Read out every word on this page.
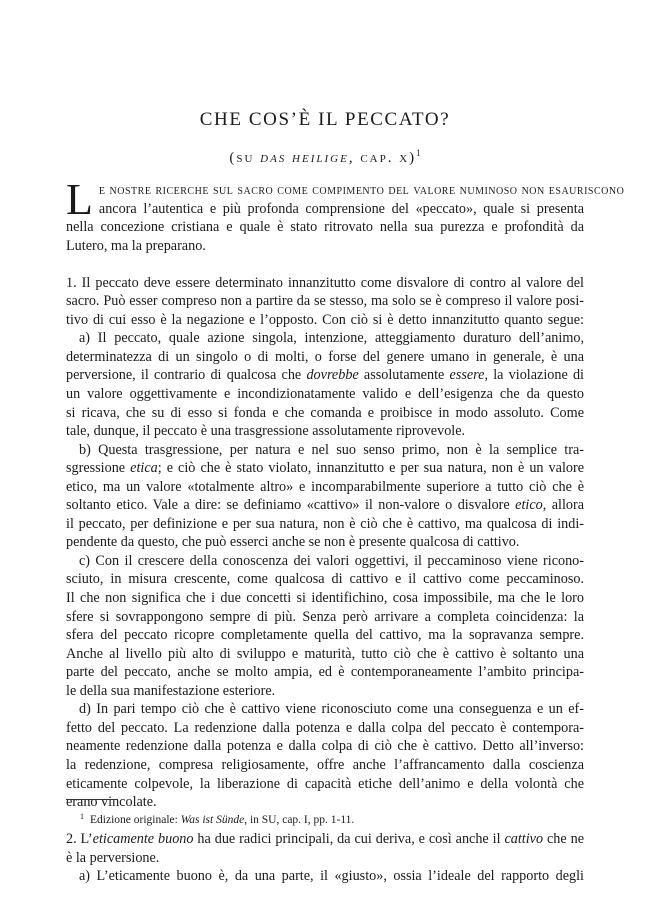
CHE COS’È IL PECCATO?
(su das heilige, cap. x)$^1$
L e nostre ricerche sul sacro come compimento del valore numinoso non esauriscono
ancora l’autentica e più profonda comprensione del «peccato», quale si presenta
nella concezione cristiana e quale è stato ritrovato nella sua purezza e profondità da
Lutero, ma la preparano.
1. Il peccato deve essere determinato innanzitutto come disvalore di contro al valore del
sacro. Può esser compreso non a partire da se stesso, ma solo se è compreso il valore posi-
tivo di cui esso è la negazione e l’opposto. Con ciò si è detto innanzitutto quanto segue:
a) Il peccato, quale azione singola, intenzione, atteggiamento duraturo dell’animo,
determinatezza di un singolo o di molti, o forse del genere umano in generale, è una
perversione, il contrario di qualcosa che dovrebbe assolutamente essere, la violazione di
un valore oggettivamente e incondizionatamente valido e dell’esigenza che da questo
si ricava, che su di esso si fonda e che comanda e proibisce in modo assoluto. Come
tale, dunque, il peccato è una trasgressione assolutamente riprovevole.
b) Questa trasgressione, per natura e nel suo senso primo, non è la semplice tra-
sgressione etica; e ciò che è stato violato, innanzitutto e per sua natura, non è un valore
etico, ma un valore «totalmente altro» e incomparabilmente superiore a tutto ciò che è
soltanto etico. Vale a dire: se definiamo «cattivo» il non-valore o disvalore etico, allora
il peccato, per definizione e per sua natura, non è ciò che è cattivo, ma qualcosa di indi-
pendente da questo, che può esserci anche se non è presente qualcosa di cattivo.
c) Con il crescere della conoscenza dei valori oggettivi, il peccaminoso viene ricono-
sciuto, in misura crescente, come qualcosa di cattivo e il cattivo come peccaminoso.
Il che non significa che i due concetti si identifichino, cosa impossibile, ma che le loro
sfere si sovrappongono sempre di più. Senza però arrivare a completa coincidenza: la
sfera del peccato ricopre completamente quella del cattivo, ma la sopravanza sempre.
Anche al livello più alto di sviluppo e maturità, tutto ciò che è cattivo è soltanto una
parte del peccato, anche se molto ampia, ed è contemporaneamente l’ambito principa-
le della sua manifestazione esteriore.
d) In pari tempo ciò che è cattivo viene riconosciuto come una conseguenza e un ef-
fetto del peccato. La redenzione dalla potenza e dalla colpa del peccato è contempora-
neamente redenzione dalla potenza e dalla colpa di ciò che è cattivo. Detto all’inverso:
la redenzione, compresa religiosamente, offre anche l’affrancamento dalla coscienza
eticamente colpevole, la liberazione di capacità etiche dell’animo e della volontà che
erano vincolate.
2. L’eticamente buono ha due radici principali, da cui deriva, e così anche il cattivo che ne
è la perversione.
a) L’eticamente buono è, da una parte, il «giusto», ossia l’ideale del rapporto degli
$^1$ Edizione originale: Was ist Sünde, in SU, cap. I, pp. 1-11.
